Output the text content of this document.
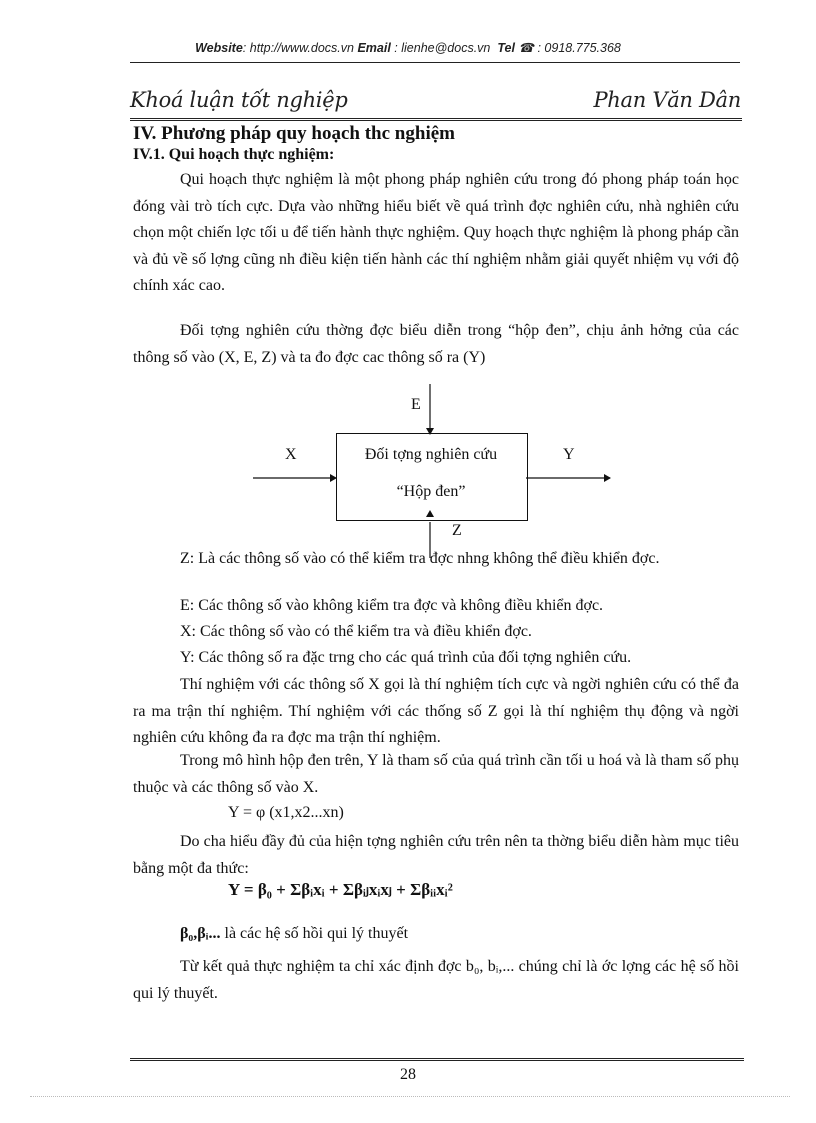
Website: http://www.docs.vn Email : lienhe@docs.vn Tel ☎ : 0918.775.368
Khoá luận tốt nghiệp	Phan Văn Dân
IV. Phương pháp quy hoạch thc nghiệm
IV.1. Qui hoạch thực nghiệm:
Qui hoạch thực nghiệm là một phong pháp nghiên cứu trong đó phong pháp toán học đóng vài trò tích cực. Dựa vào những hiểu biết về quá trình đợc nghiên cứu, nhà nghiên cứu chọn một chiến lợc tối u để tiến hành thực nghiệm. Quy hoạch thực nghiệm là phong pháp cần và đủ về số lợng cũng nh điều kiện tiến hành các thí nghiệm nhằm giải quyết nhiệm vụ với độ chính xác cao.
Đối tợng nghiên cứu thờng đợc biểu diễn trong “hộp đen”, chịu ảnh hởng của các thông số vào (X, E, Z) và ta đo đợc cac thông số ra (Y)
E
X	Y
Z
Đối tợng nghiên cứu
“Hộp đen”
Z: Là các thông số vào có thể kiểm tra đợc nhng không thể điều khiển đợc.
E: Các thông số vào không kiểm tra đợc và không điều khiển đợc.
X: Các thông số vào có thể kiểm tra và điều khiển đợc.
Y: Các thông số ra đặc trng cho các quá trình của đối tợng nghiên cứu.
Thí nghiệm với các thông số X gọi là thí nghiệm tích cực và ngời nghiên cứu có thể đa ra ma trận thí nghiệm. Thí nghiệm với các thống số Z gọi là thí nghiệm thụ động và ngời nghiên cứu không đa ra đợc ma trận thí nghiệm.
Trong mô hình hộp đen trên, Y là tham số của quá trình cần tối u hoá và là tham số phụ thuộc và các thông số vào X.
Y = φ (x1,x2...xn)
Do cha hiểu đầy đủ của hiện tợng nghiên cứu trên nên ta thờng biểu diễn hàm mục tiêu bằng một đa thức:
Y = β₀ + Σβᵢxᵢ + Σβᵢⱼxᵢxⱼ + Σβᵢᵢxᵢ²
β₀,βᵢ... là các hệ số hồi qui lý thuyết
Từ kết quả thực nghiệm ta chỉ xác định đợc b₀, bᵢ,... chúng chỉ là ớc lợng các hệ số hồi qui lý thuyết.
28
